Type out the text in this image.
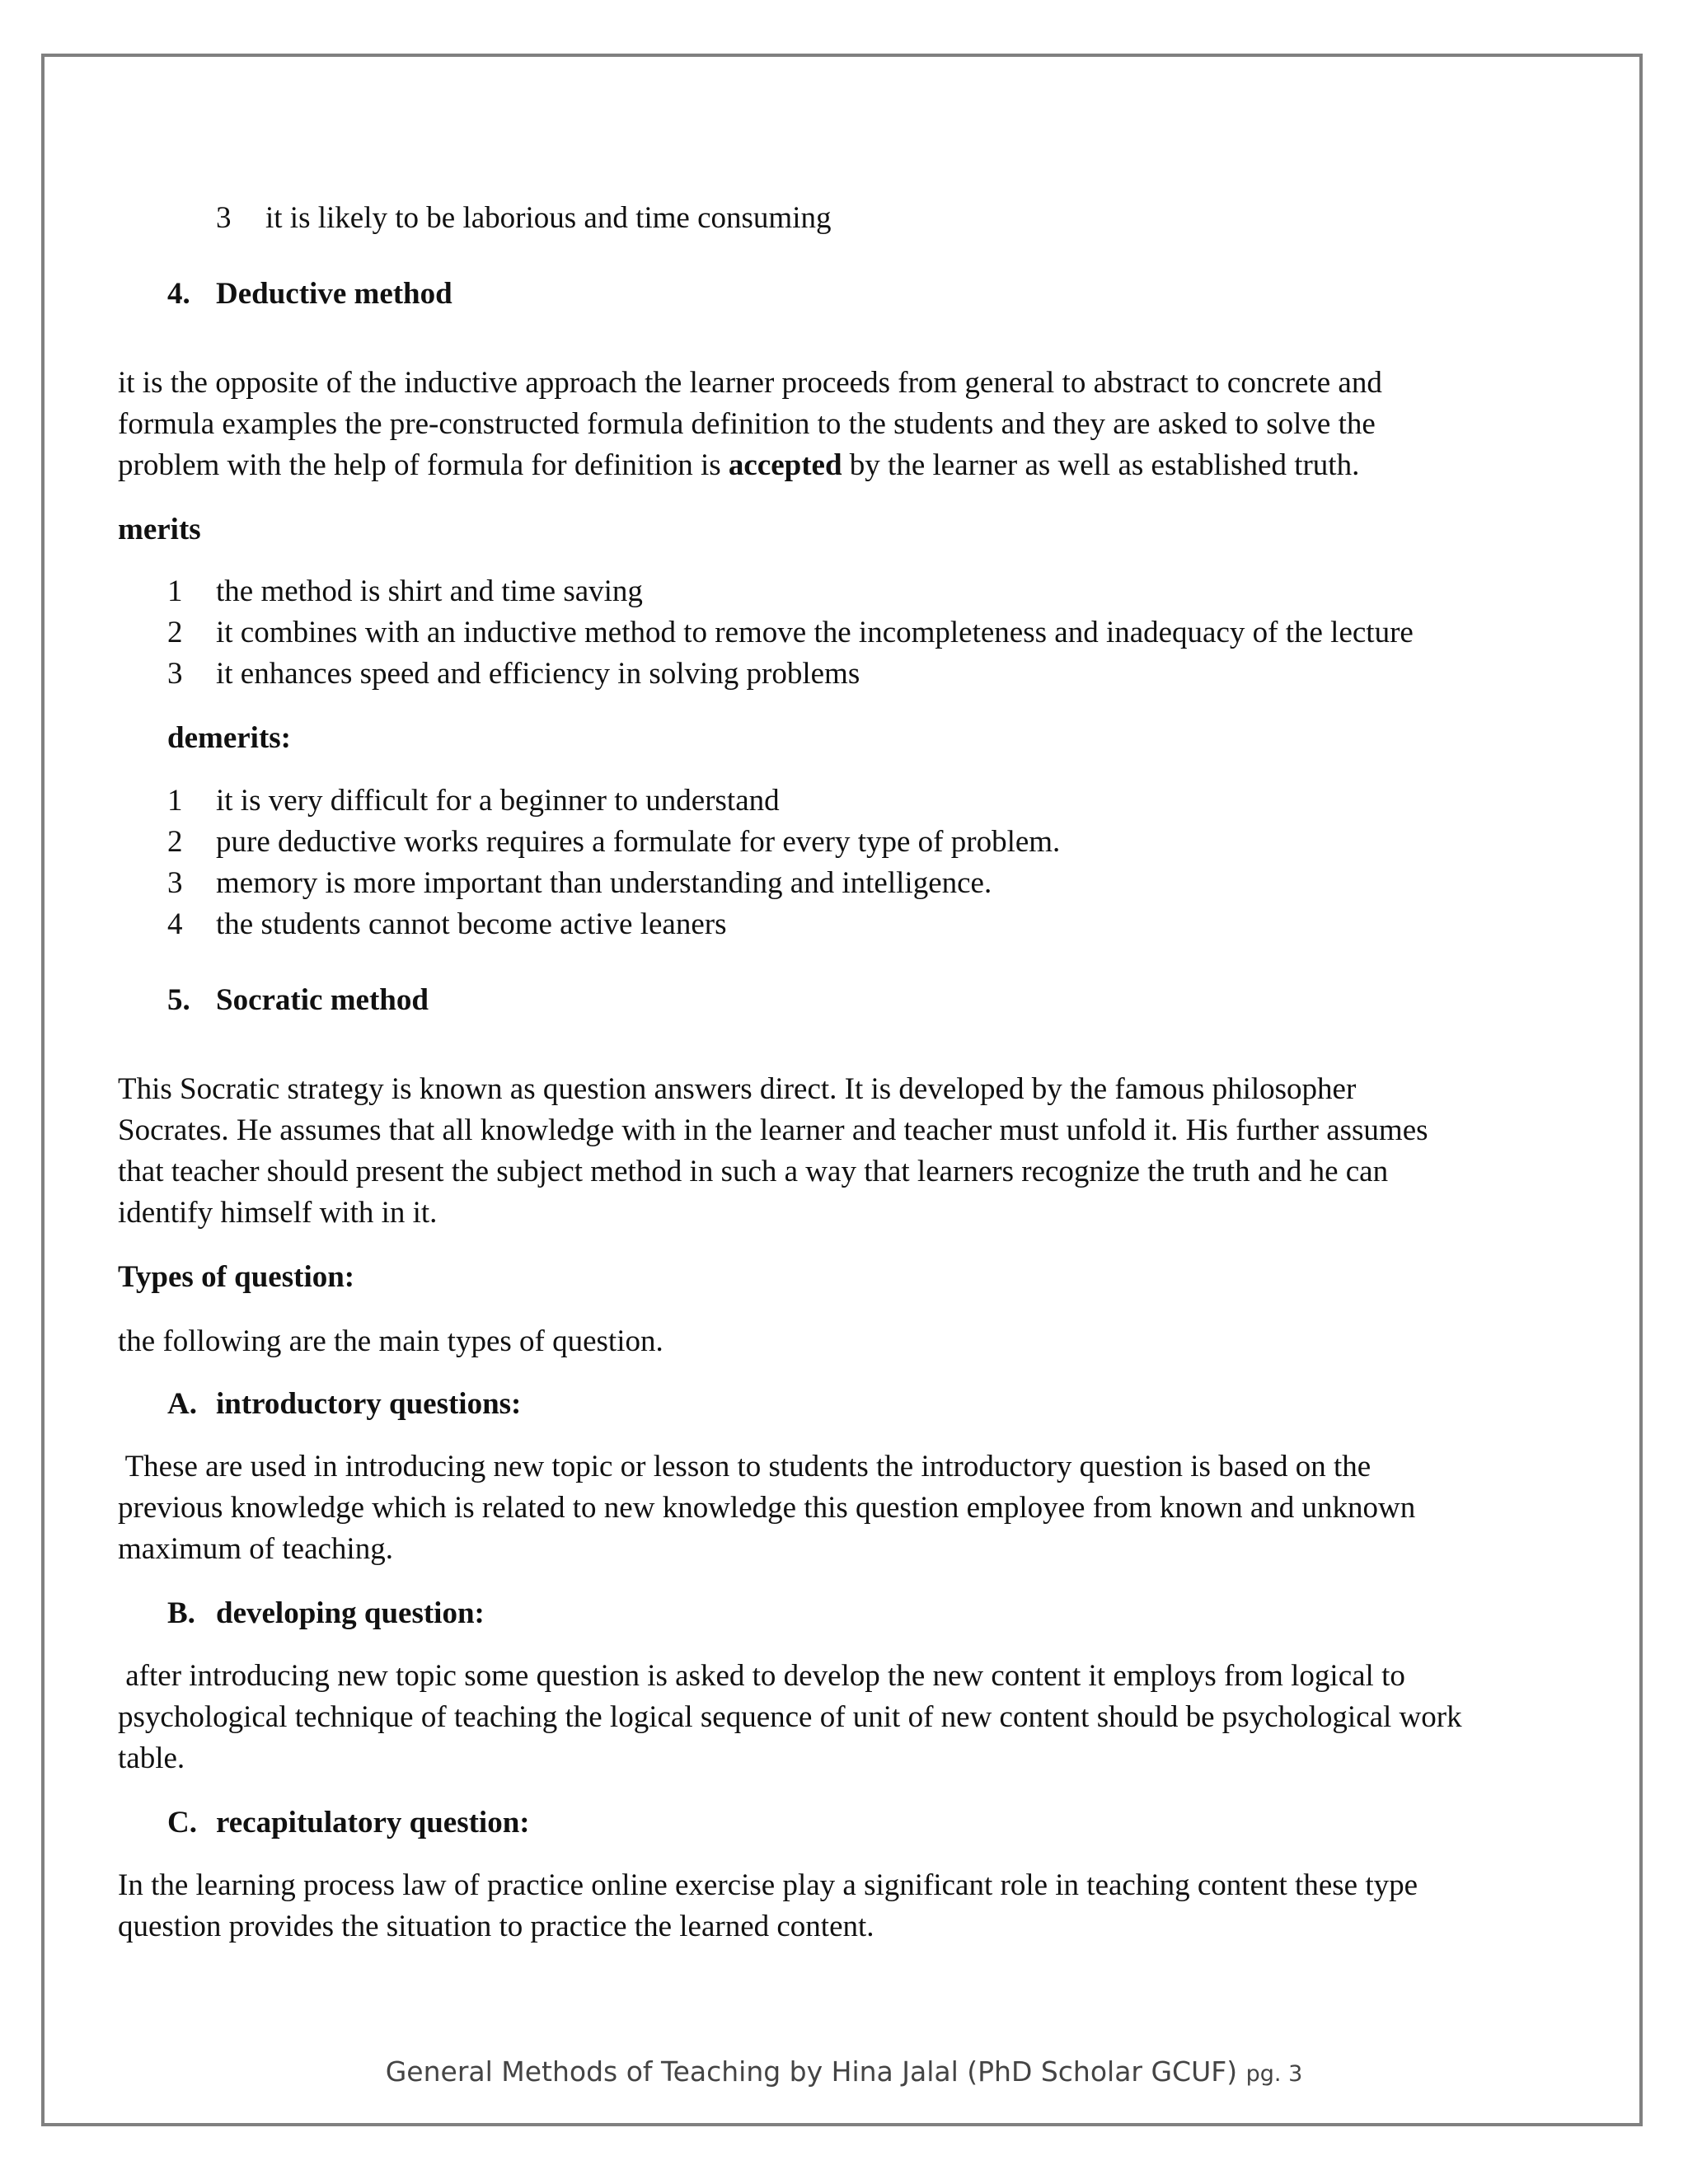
3 it is likely to be laborious and time consuming
4. Deductive method
it is the opposite of the inductive approach the learner proceeds from general to abstract to concrete and
formula examples the pre-constructed formula definition to the students and they are asked to solve the
problem with the help of formula for definition is accepted by the learner as well as established truth.
merits
1 the method is shirt and time saving
2 it combines with an inductive method to remove the incompleteness and inadequacy of the lecture
3 it enhances speed and efficiency in solving problems
demerits:
1 it is very difficult for a beginner to understand
2 pure deductive works requires a formulate for every type of problem.
3 memory is more important than understanding and intelligence.
4 the students cannot become active leaners
5. Socratic method
This Socratic strategy is known as question answers direct. It is developed by the famous philosopher
Socrates. He assumes that all knowledge with in the learner and teacher must unfold it. His further assumes
that teacher should present the subject method in such a way that learners recognize the truth and he can
identify himself with in it.
Types of question:
the following are the main types of question.
A. introductory questions:
These are used in introducing new topic or lesson to students the introductory question is based on the
previous knowledge which is related to new knowledge this question employee from known and unknown
maximum of teaching.
B. developing question:
after introducing new topic some question is asked to develop the new content it employs from logical to
psychological technique of teaching the logical sequence of unit of new content should be psychological work
table.
C. recapitulatory question:
In the learning process law of practice online exercise play a significant role in teaching content these type
question provides the situation to practice the learned content.
General Methods of Teaching by Hina Jalal (PhD Scholar GCUF) pg. 3
